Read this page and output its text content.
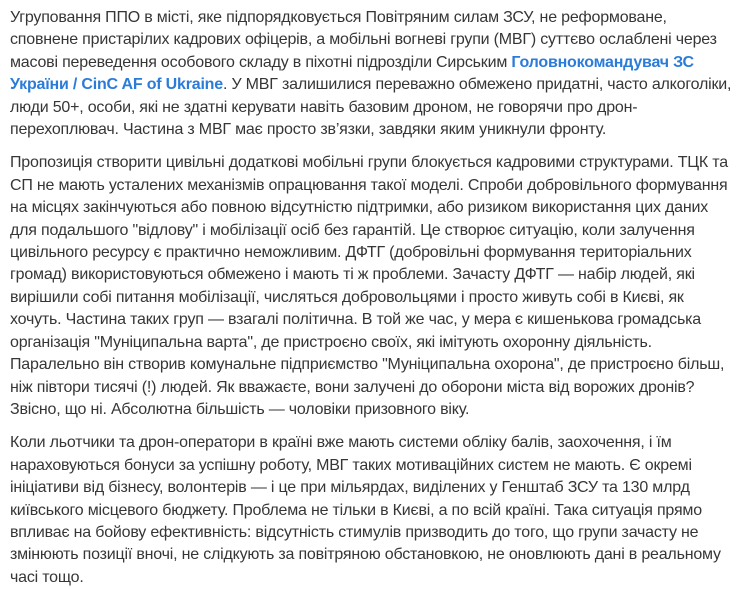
Угруповання ППО в місті, яке підпорядковується Повітряним силам ЗСУ, не реформоване, сповнене пристарілих кадрових офіцерів, а мобільні вогневі групи (МВГ) суттєво ослаблені через масові переведення особового складу в піхотні підрозділи Сирським Головнокомандувач ЗС України / CinC AF of Ukraine. У МВГ залишилися переважно обмежено придатні, часто алкоголіки, люди 50+, особи, які не здатні керувати навіть базовим дроном, не говорячи про дрон-перехоплювач. Частина з МВГ має просто зв’язки, завдяки яким уникнули фронту.

Пропозиція створити цивільні додаткові мобільні групи блокується кадровими структурами. ТЦК та СП не мають усталених механізмів опрацювання такої моделі. Спроби добровільного формування на місцях закінчуються або повною відсутністю підтримки, або ризиком використання цих даних для подальшого "відлову" і мобілізації осіб без гарантій. Це створює ситуацію, коли залучення цивільного ресурсу є практично неможливим. ДФТГ (добровільні формування територіальних громад) використовуються обмежено і мають ті ж проблеми. Зачасту ДФТГ — набір людей, які вирішили собі питання мобілізації, числяться добровольцями і просто живуть собі в Києві, як хочуть. Частина таких груп — взагалі політична. В той же час, у мера є кишенькова громадська організація "Муніципальна варта", де пристроєно своїх, які імітують охоронну діяльність. Паралельно він створив комунальне підприємство "Муніципальна охорона", де пристроєно більш, ніж півтори тисячі (!) людей. Як вважаєте, вони залучені до оборони міста від ворожих дронів? Звісно, що ні. Абсолютна більшість — чоловіки призовного віку.

Коли льотчики та дрон-оператори в країні вже мають системи обліку балів, заохочення, і їм нараховуються бонуси за успішну роботу, МВГ таких мотиваційних систем не мають. Є окремі ініціативи від бізнесу, волонтерів — і це при мільярдах, виділених у Генштаб ЗСУ та 130 млрд київського місцевого бюджету. Проблема не тільки в Києві, а по всій країні. Така ситуація прямо впливає на бойову ефективність: відсутність стимулів призводить до того, що групи зачасту не змінюють позиції вночі, не слідкують за повітряною обстановкою, не оновлюють дані в реальному часі тощо.
